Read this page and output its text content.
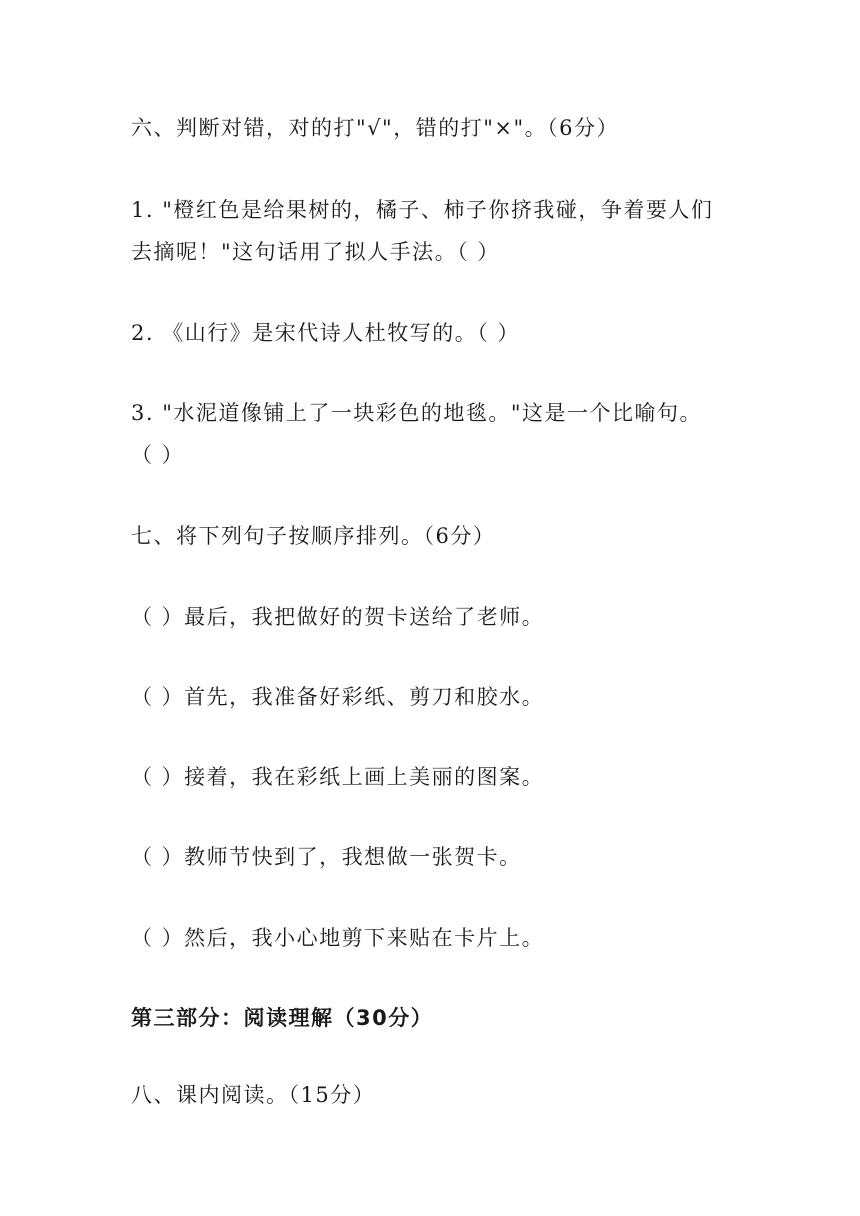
六、判断对错，对的打"√"，错的打"×"。（6分）
1. "橙红色是给果树的，橘子、柿子你挤我碰，争着要人们
去摘呢！"这句话用了拟人手法。（ ）
2. 《山行》是宋代诗人杜牧写的。（ ）
3. "水泥道像铺上了一块彩色的地毯。"这是一个比喻句。
（ ）
七、将下列句子按顺序排列。（6分）
（ ）最后，我把做好的贺卡送给了老师。
（ ）首先，我准备好彩纸、剪刀和胶水。
（ ）接着，我在彩纸上画上美丽的图案。
（ ）教师节快到了，我想做一张贺卡。
（ ）然后，我小心地剪下来贴在卡片上。
第三部分：阅读理解（30分）
八、课内阅读。（15分）
